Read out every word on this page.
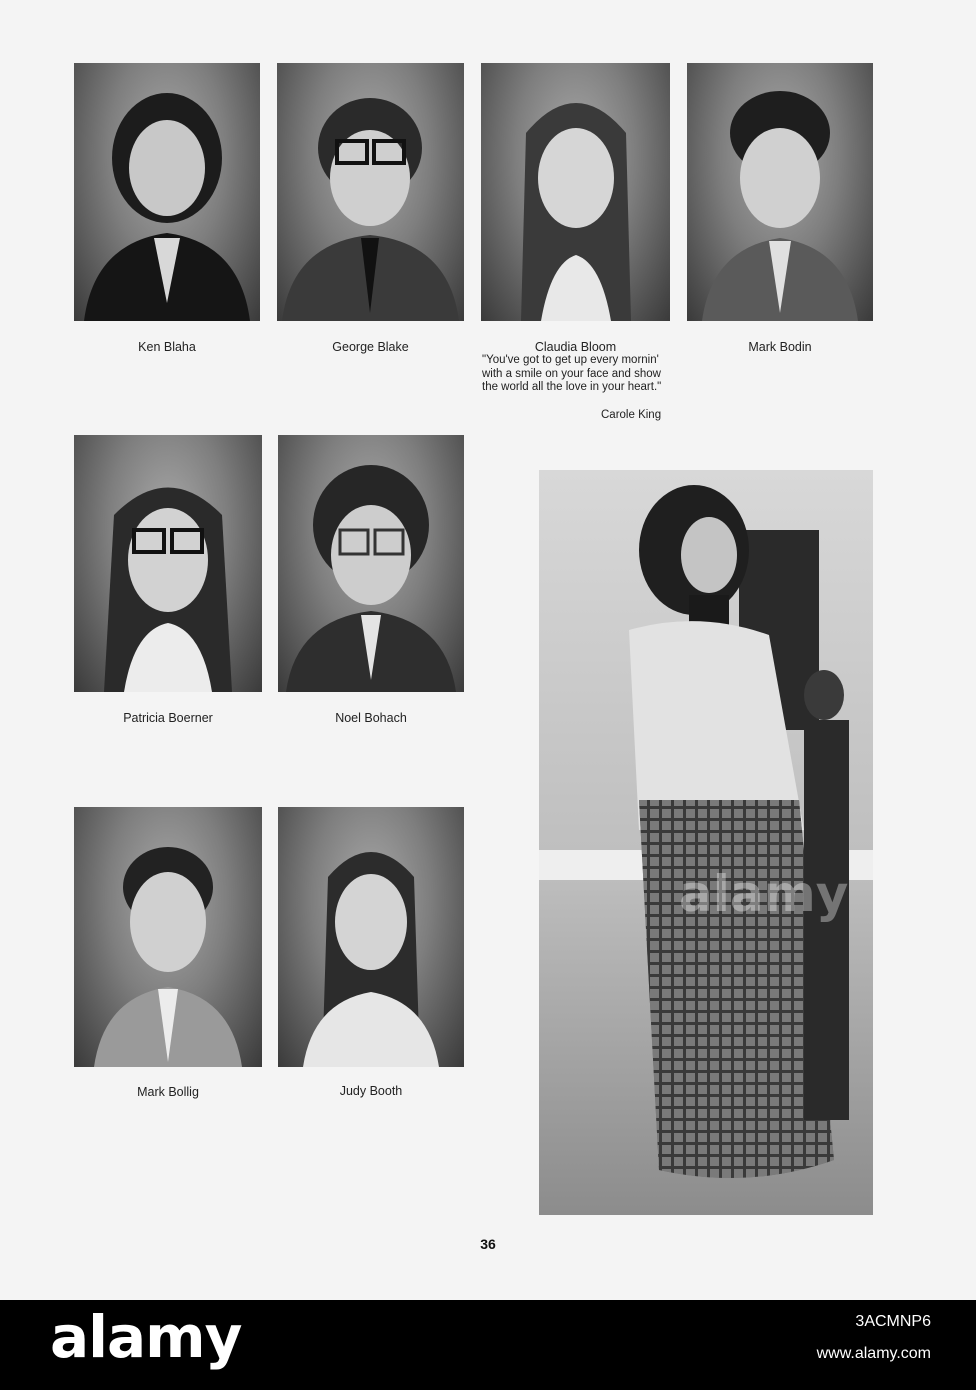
Ken Blaha	George Blake	Claudia Bloom	Mark Bodin
"You've got to get up every mornin' with a smile on your face and show the world all the love in your heart."
Carole King
Patricia Boerner	Noel Bohach
Mark Bollig	Judy Booth
alamy
36
alamy	3ACMNP6
www.alamy.com
